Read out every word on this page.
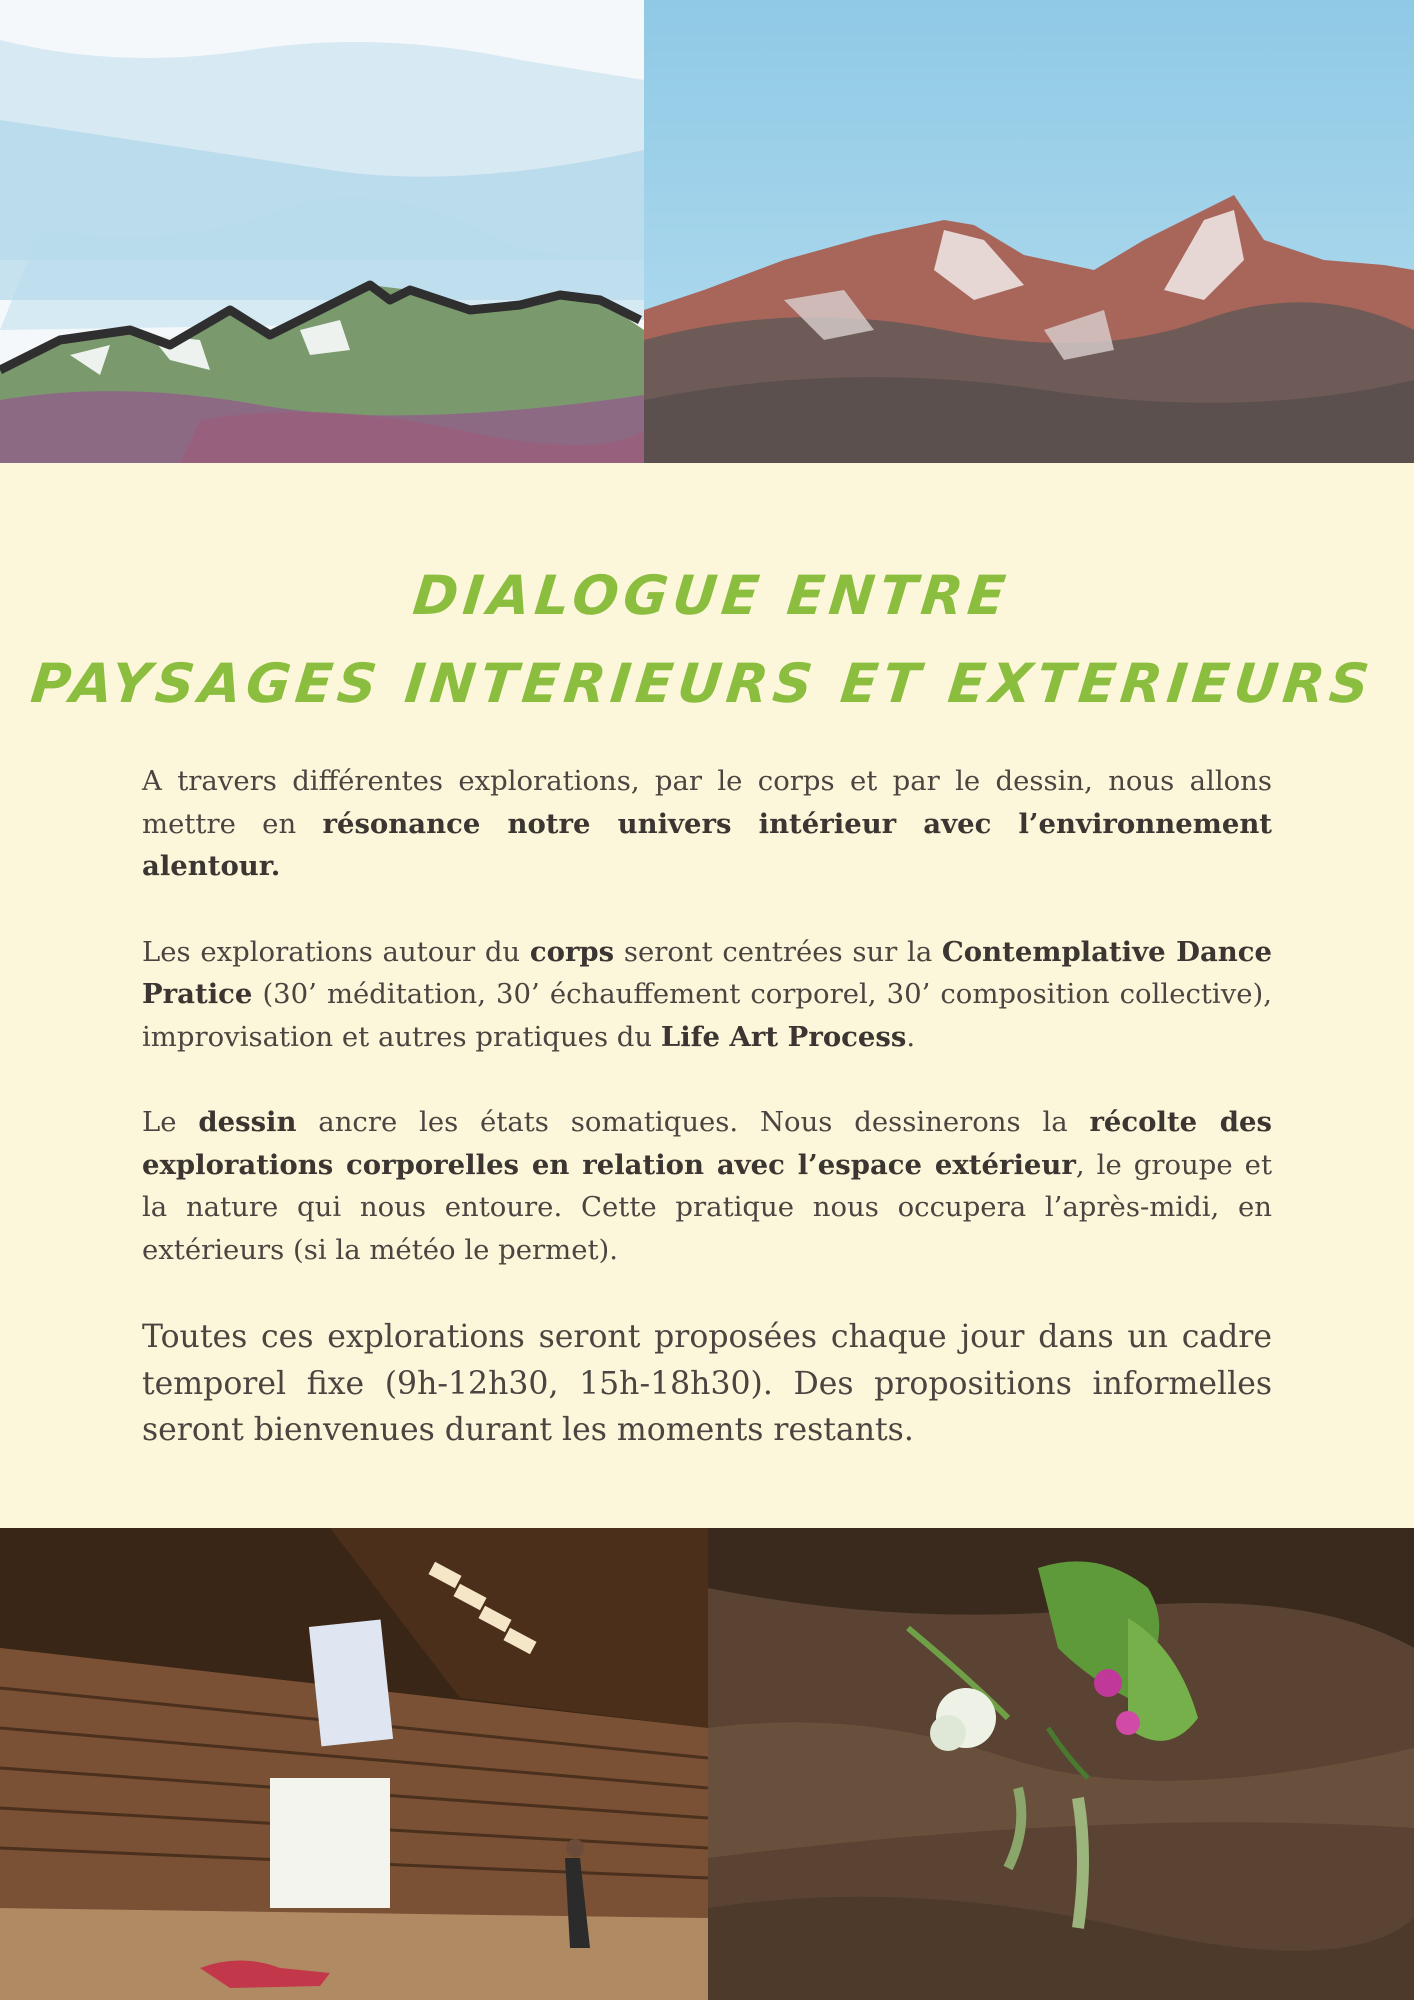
DIALOGUE ENTRE
PAYSAGES INTERIEURS ET EXTERIEURS

A travers différentes explorations, par le corps et par le dessin, nous allons mettre en résonance notre univers intérieur avec l’environnement alentour.

Les explorations autour du corps seront centrées sur la Contemplative Dance Pratice (30’ méditation, 30’ échauffement corporel, 30’ composition collective), improvisation et autres pratiques du Life Art Process.

Le dessin ancre les états somatiques. Nous dessinerons la récolte des explorations corporelles en relation avec l’espace extérieur, le groupe et la nature qui nous entoure. Cette pratique nous occupera l’après-midi, en extérieurs (si la météo le permet).

Toutes ces explorations seront proposées chaque jour dans un cadre temporel fixe (9h-12h30, 15h-18h30). Des propositions informelles seront bienvenues durant les moments restants.
